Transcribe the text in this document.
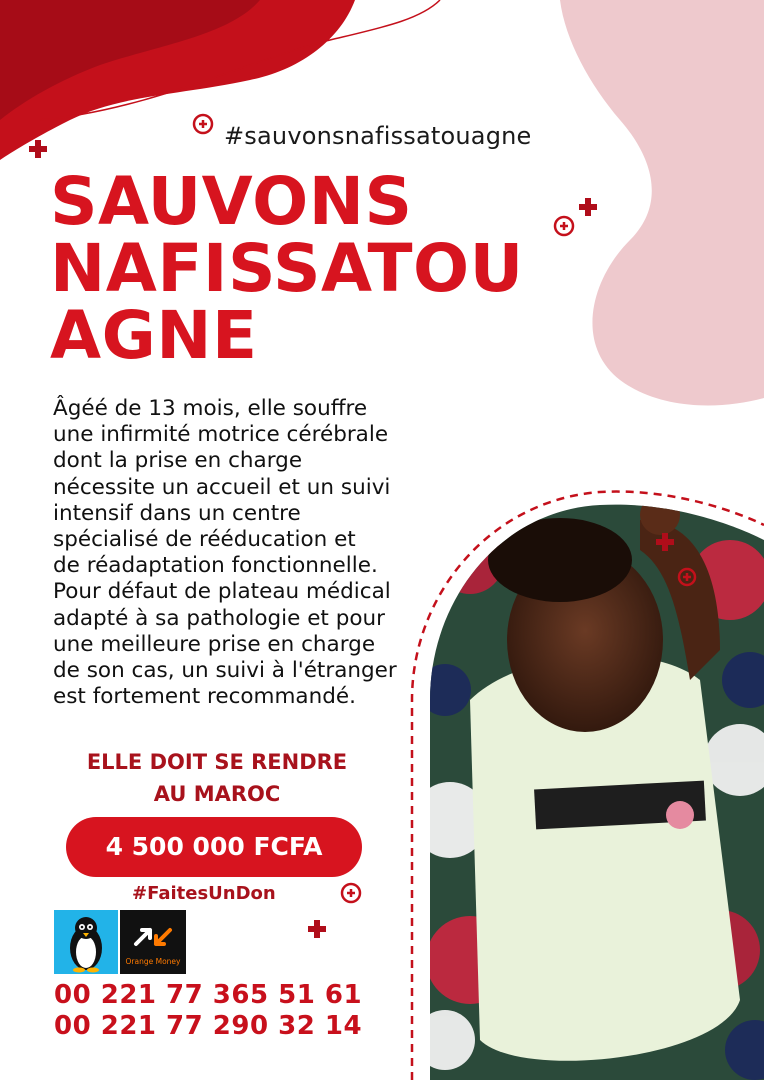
#sauvonsnafissatouagne
SAUVONS
NAFISSATOU
AGNE
Âgéé de 13 mois, elle souffre
une infirmité motrice cérébrale
dont la prise en charge
nécessite un accueil et un suivi
intensif dans un centre
spécialisé de rééducation et
de réadaptation fonctionnelle.
Pour défaut de plateau médical
adapté à sa pathologie et pour
une meilleure prise en charge
de son cas, un suivi à l'étranger
est fortement recommandé.
ELLE DOIT SE RENDRE
AU MAROC
4 500 000 FCFA
#FaitesUnDon
Orange Money
00 221 77 365 51 61
00 221 77 290 32 14
